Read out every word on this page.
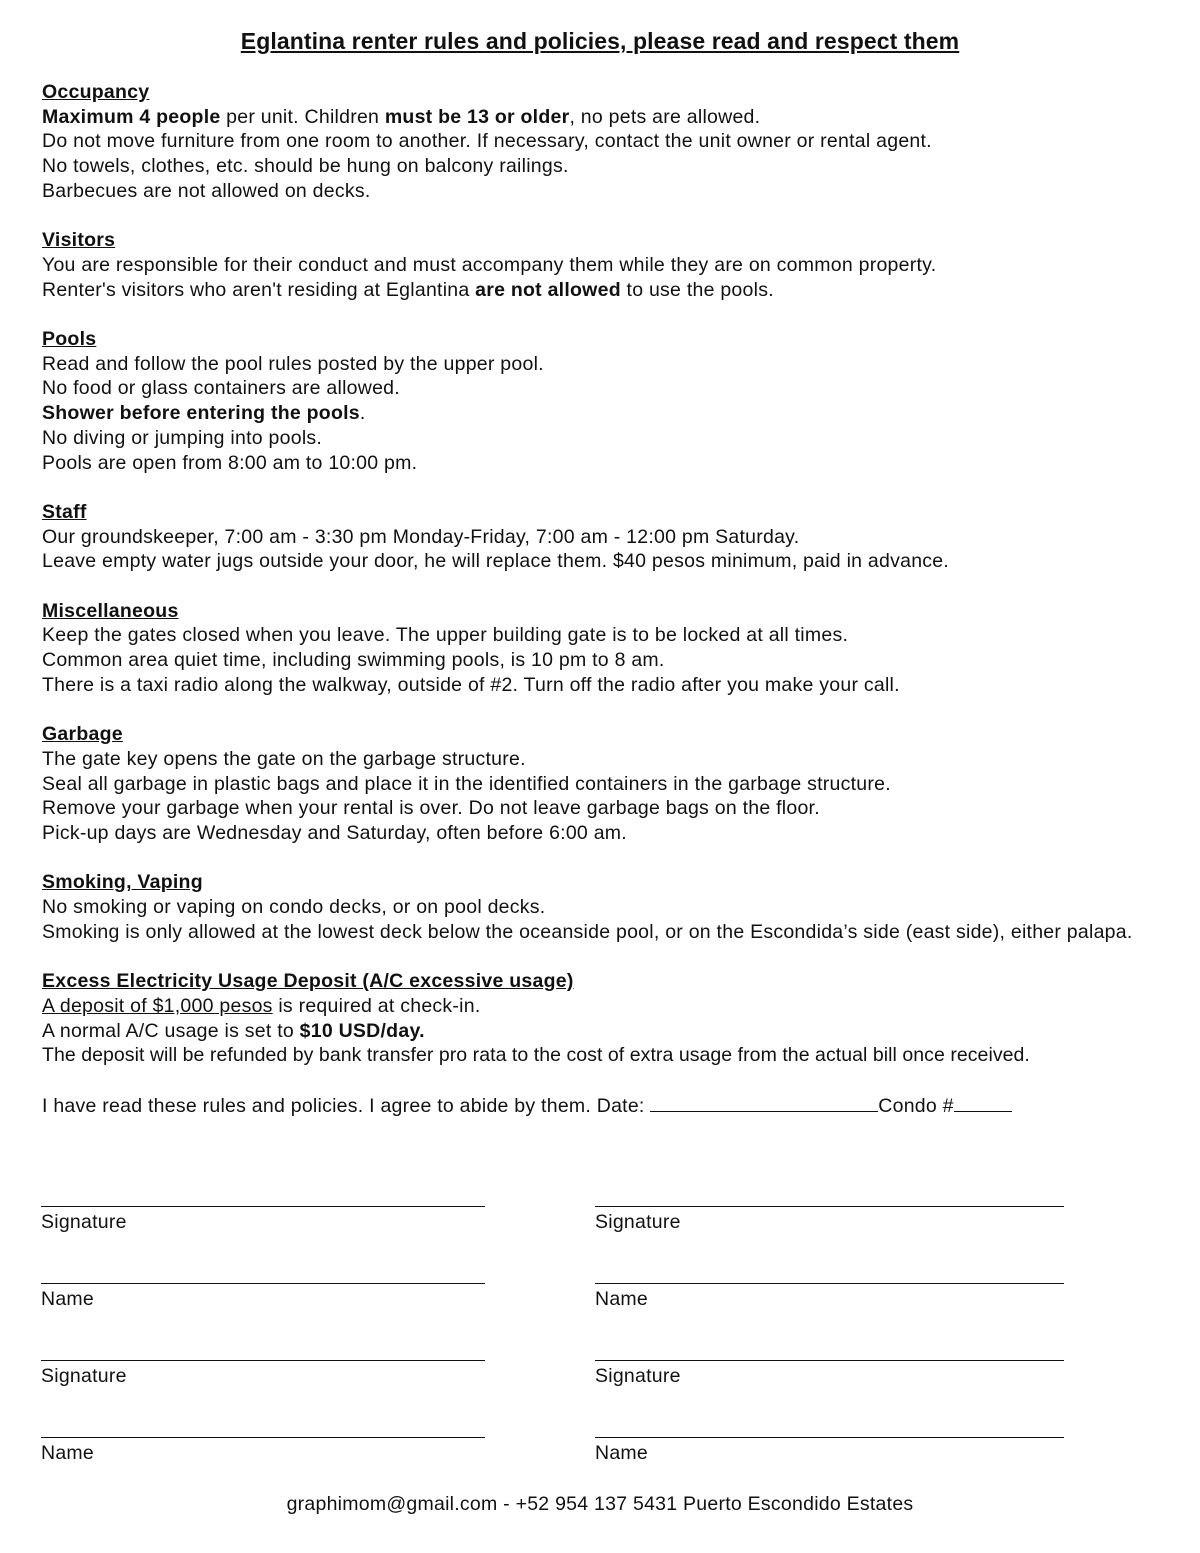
Eglantina renter rules and policies, please read and respect them
Occupancy
Maximum 4 people per unit. Children must be 13 or older, no pets are allowed.
Do not move furniture from one room to another. If necessary, contact the unit owner or rental agent.
No towels, clothes, etc. should be hung on balcony railings.
Barbecues are not allowed on decks.
Visitors
You are responsible for their conduct and must accompany them while they are on common property.
Renter's visitors who aren't residing at Eglantina are not allowed to use the pools.
Pools
Read and follow the pool rules posted by the upper pool.
No food or glass containers are allowed.
Shower before entering the pools.
No diving or jumping into pools.
Pools are open from 8:00 am to 10:00 pm.
Staff
Our groundskeeper, 7:00 am - 3:30 pm Monday-Friday, 7:00 am - 12:00 pm Saturday.
Leave empty water jugs outside your door, he will replace them. $40 pesos minimum, paid in advance.
Miscellaneous
Keep the gates closed when you leave. The upper building gate is to be locked at all times.
Common area quiet time, including swimming pools, is 10 pm to 8 am.
There is a taxi radio along the walkway, outside of #2. Turn off the radio after you make your call.
Garbage
The gate key opens the gate on the garbage structure.
Seal all garbage in plastic bags and place it in the identified containers in the garbage structure.
Remove your garbage when your rental is over. Do not leave garbage bags on the floor.
Pick-up days are Wednesday and Saturday, often before 6:00 am.
Smoking, Vaping
No smoking or vaping on condo decks, or on pool decks.
Smoking is only allowed at the lowest deck below the oceanside pool, or on the Escondida’s side (east side), either palapa.
Excess Electricity Usage Deposit (A/C excessive usage)
A deposit of $1,000 pesos is required at check-in.
A normal A/C usage is set to $10 USD/day.
The deposit will be refunded by bank transfer pro rata to the cost of extra usage from the actual bill once received.
I have read these rules and policies. I agree to abide by them. Date:	Condo #
Signature
Name
Signature
Name
Signature
Name
Signature
Name
graphimom@gmail.com - +52 954 137 5431 Puerto Escondido Estates
